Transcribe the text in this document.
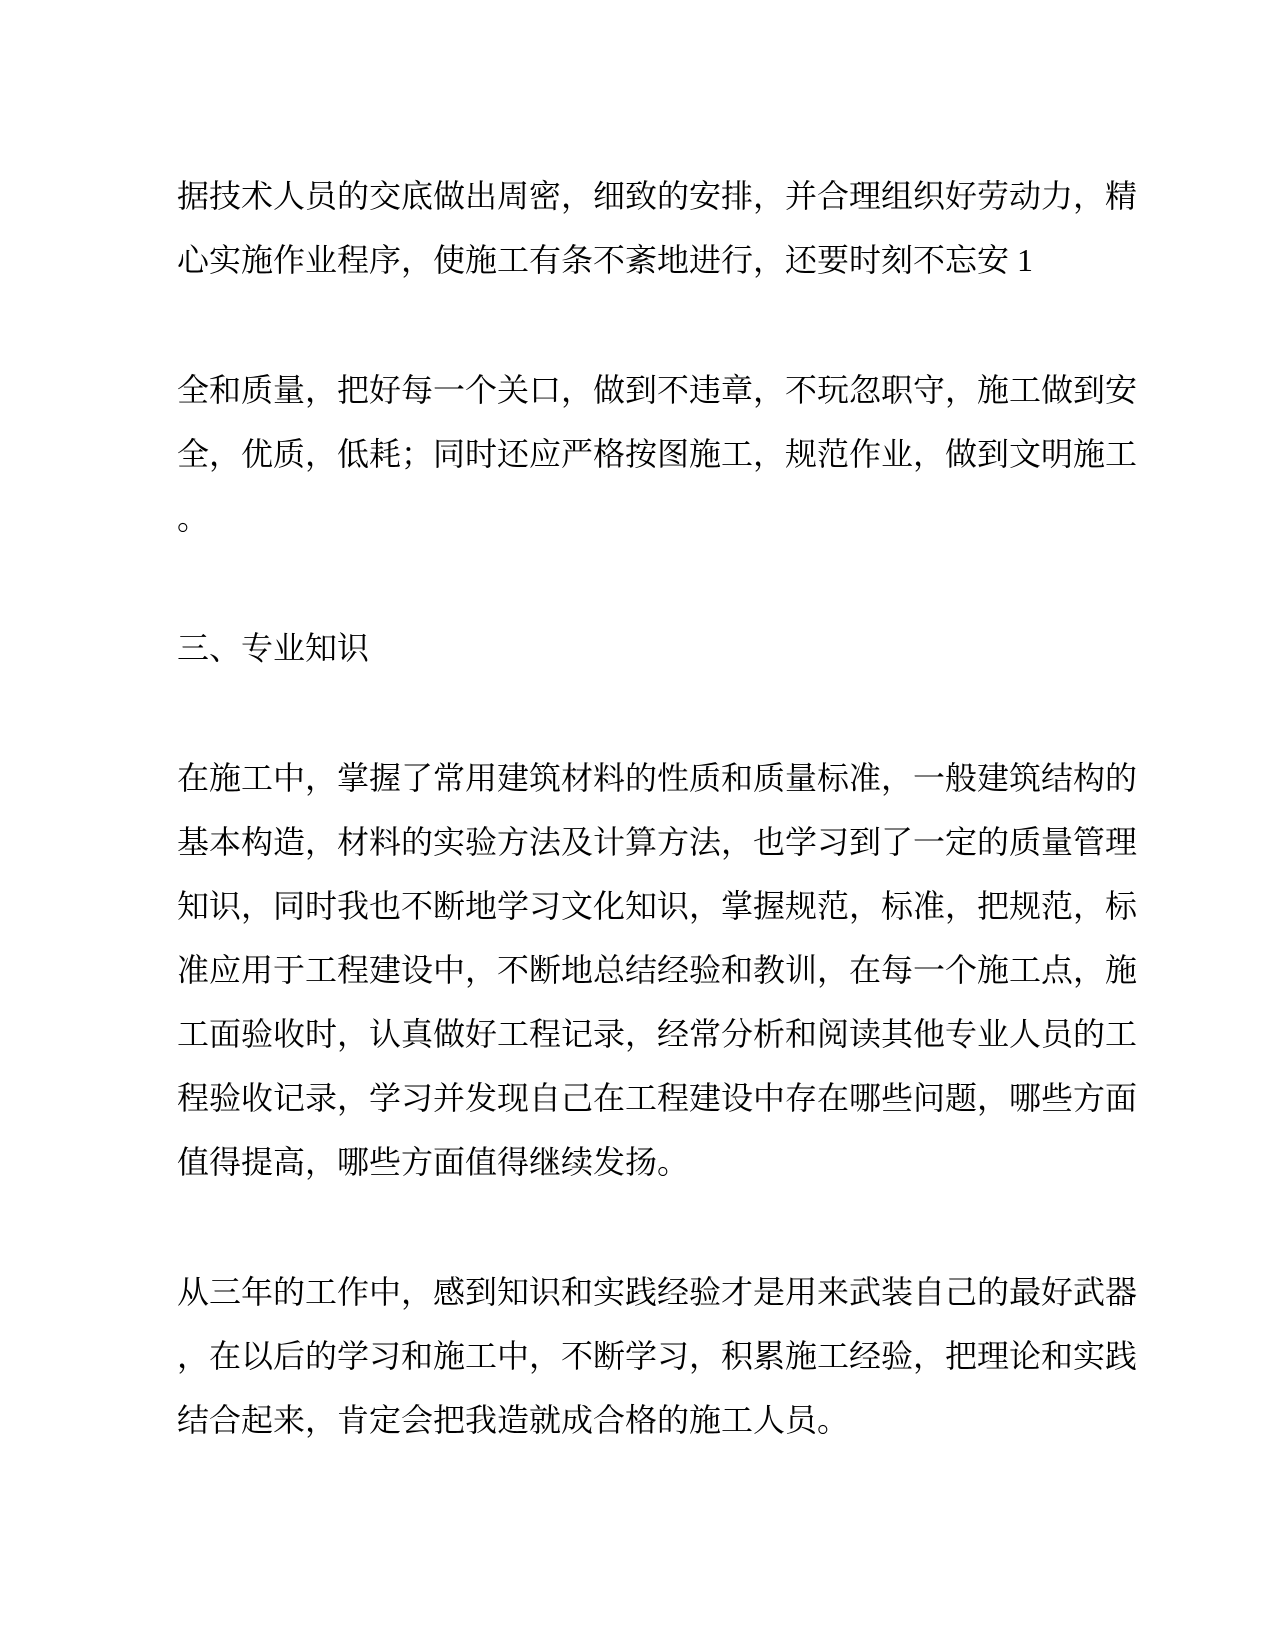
据技术人员的交底做出周密，细致的安排，并合理组织好劳动力，精
心实施作业程序，使施工有条不紊地进行，还要时刻不忘安 1
全和质量，把好每一个关口，做到不违章，不玩忽职守，施工做到安
全，优质，低耗；同时还应严格按图施工，规范作业，做到文明施工
。
三、专业知识
在施工中，掌握了常用建筑材料的性质和质量标准，一般建筑结构的
基本构造，材料的实验方法及计算方法，也学习到了一定的质量管理
知识，同时我也不断地学习文化知识，掌握规范，标准，把规范，标
准应用于工程建设中，不断地总结经验和教训，在每一个施工点，施
工面验收时，认真做好工程记录，经常分析和阅读其他专业人员的工
程验收记录，学习并发现自己在工程建设中存在哪些问题，哪些方面
值得提高，哪些方面值得继续发扬。
从三年的工作中，感到知识和实践经验才是用来武装自己的最好武器
，在以后的学习和施工中，不断学习，积累施工经验，把理论和实践
结合起来，肯定会把我造就成合格的施工人员。
